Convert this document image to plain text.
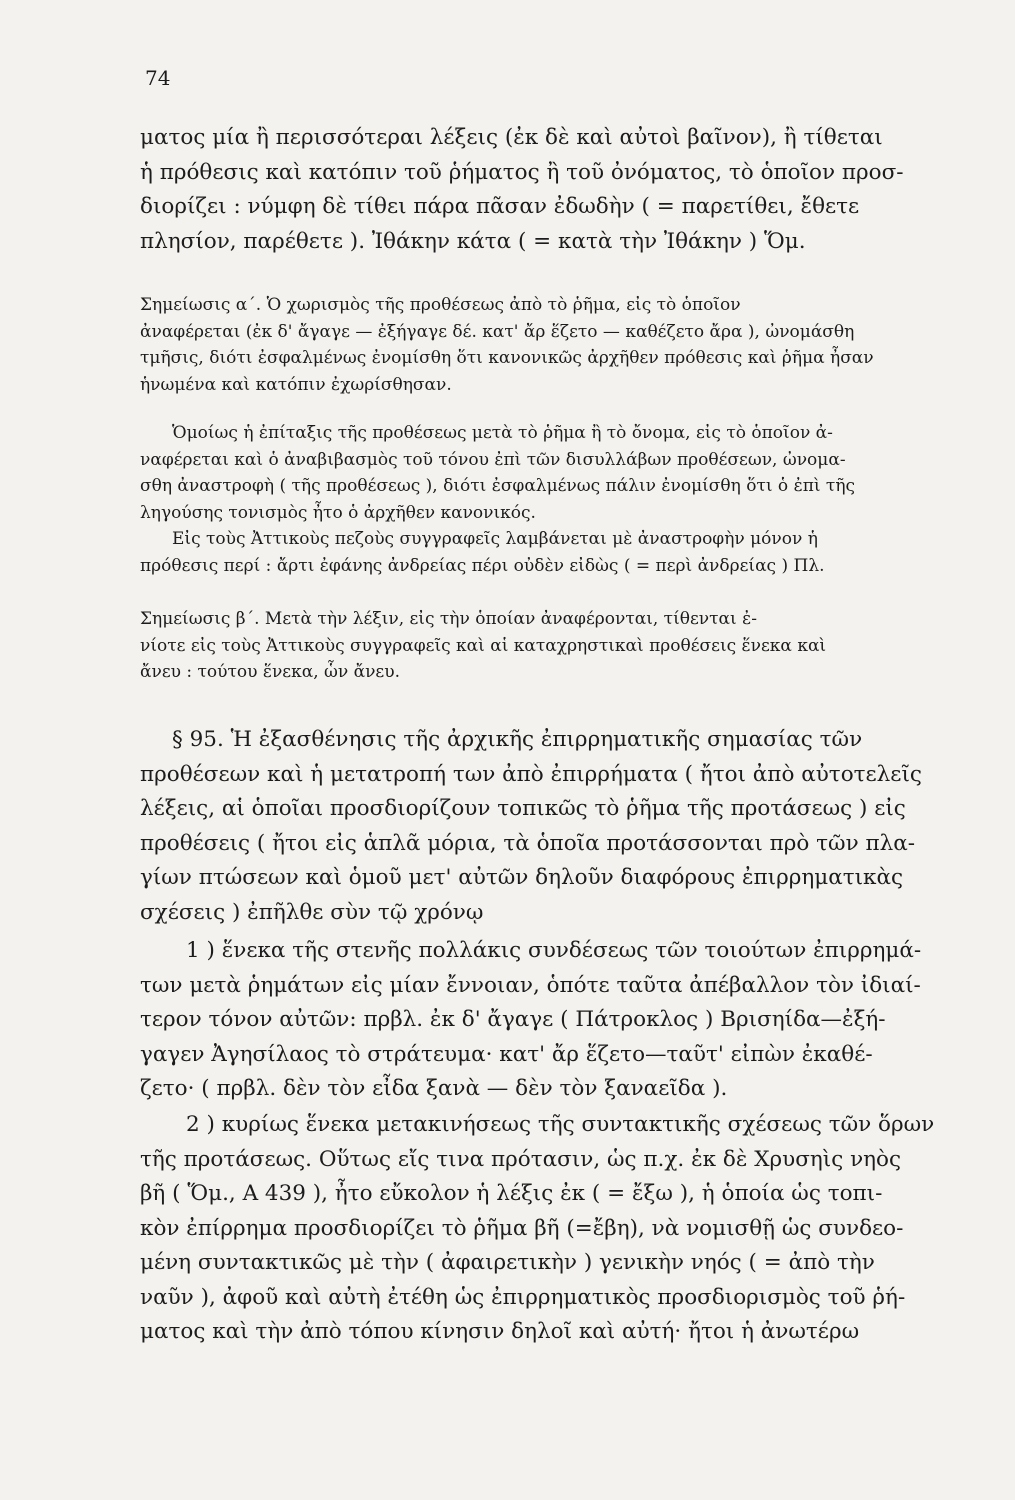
74
ματος μία ἢ περισσότεραι λέξεις (ἐκ δὲ καὶ αὐτοὶ βαῖνον), ἢ τίθεται
ἡ πρόθεσις καὶ κατόπιν τοῦ ῥήματος ἢ τοῦ ὀνόματος, τὸ ὁποῖον προσ-
διορίζει : νύμφη δὲ τίθει πάρα πᾶσαν ἐδωδὴν ( = παρετίθει, ἔθετε
πλησίον, παρέθετε ). Ἰθάκην κάτα ( = κατὰ τὴν Ἰθάκην ) Ὅμ.
Σημείωσις α΄. Ὁ χωρισμὸς τῆς προθέσεως ἀπὸ τὸ ῥῆμα, εἰς τὸ ὁποῖον
ἀναφέρεται (ἐκ δ' ἄγαγε — ἐξήγαγε δέ. κατ' ἄρ ἕζετο — καθέζετο ἄρα ), ὠνομάσθη
τμῆσις, διότι ἐσφαλμένως ἐνομίσθη ὅτι κανονικῶς ἀρχῆθεν πρόθεσις καὶ ῥῆμα ἦσαν
ἡνωμένα καὶ κατόπιν ἐχωρίσθησαν.
Ὁμοίως ἡ ἐπίταξις τῆς προθέσεως μετὰ τὸ ῥῆμα ἢ τὸ ὄνομα, εἰς τὸ ὁποῖον ἀ-
ναφέρεται καὶ ὁ ἀναβιβασμὸς τοῦ τόνου ἐπὶ τῶν δισυλλάβων προθέσεων, ὠνομα-
σθη ἀναστροφὴ ( τῆς προθέσεως ), διότι ἐσφαλμένως πάλιν ἐνομίσθη ὅτι ὁ ἐπὶ τῆς
ληγούσης τονισμὸς ἦτο ὁ ἀρχῆθεν κανονικός.
Εἰς τοὺς Ἀττικοὺς πεζοὺς συγγραφεῖς λαμβάνεται μὲ ἀναστροφὴν μόνον ἡ
πρόθεσις περί : ἄρτι ἐφάνης ἀνδρείας πέρι οὐδὲν εἰδὼς ( = περὶ ἀνδρείας ) Πλ.
Σημείωσις β΄. Μετὰ τὴν λέξιν, εἰς τὴν ὁποίαν ἀναφέρονται, τίθενται ἐ-
νίοτε εἰς τοὺς Ἀττικοὺς συγγραφεῖς καὶ αἱ καταχρηστικαὶ προθέσεις ἕνεκα καὶ
ἄνευ : τούτου ἕνεκα, ὧν ἄνευ.
§ 95. Ἡ ἐξασθένησις τῆς ἀρχικῆς ἐπιρρηματικῆς σημασίας τῶν
προθέσεων καὶ ἡ μετατροπή των ἀπὸ ἐπιρρήματα ( ἤτοι ἀπὸ αὐτοτελεῖς
λέξεις, αἱ ὁποῖαι προσδιορίζουν τοπικῶς τὸ ῥῆμα τῆς προτάσεως ) εἰς
προθέσεις ( ἤτοι εἰς ἁπλᾶ μόρια, τὰ ὁποῖα προτάσσονται πρὸ τῶν πλα-
γίων πτώσεων καὶ ὁμοῦ μετ' αὐτῶν δηλοῦν διαφόρους ἐπιρρηματικὰς
σχέσεις ) ἐπῆλθε σὺν τῷ χρόνῳ
1 ) ἕνεκα τῆς στενῆς πολλάκις συνδέσεως τῶν τοιούτων ἐπιρρημά-
των μετὰ ῥημάτων εἰς μίαν ἔννοιαν, ὁπότε ταῦτα ἀπέβαλλον τὸν ἰδιαί-
τερον τόνον αὐτῶν: πρβλ. ἐκ δ' ἄγαγε ( Πάτροκλος ) Βρισηίδα—ἐξή-
γαγεν Ἀγησίλαος τὸ στράτευμα· κατ' ἄρ ἕζετο—ταῦτ' εἰπὼν ἐκαθέ-
ζετο· ( πρβλ. δὲν τὸν εἶδα ξανὰ — δὲν τὸν ξαναεῖδα ).
2 ) κυρίως ἕνεκα μετακινήσεως τῆς συντακτικῆς σχέσεως τῶν ὅρων
τῆς προτάσεως. Οὕτως εἴς τινα πρότασιν, ὡς π.χ. ἐκ δὲ Χρυσηὶς νηὸς
βῆ ( Ὅμ., Α 439 ), ἦτο εὔκολον ἡ λέξις ἐκ ( = ἔξω ), ἡ ὁποία ὡς τοπι-
κὸν ἐπίρρημα προσδιορίζει τὸ ῥῆμα βῆ (=ἔβη), νὰ νομισθῇ ὡς συνδεο-
μένη συντακτικῶς μὲ τὴν ( ἀφαιρετικὴν ) γενικὴν νηός ( = ἀπὸ τὴν
ναῦν ), ἀφοῦ καὶ αὐτὴ ἐτέθη ὡς ἐπιρρηματικὸς προσδιορισμὸς τοῦ ῥή-
ματος καὶ τὴν ἀπὸ τόπου κίνησιν δηλοῖ καὶ αὐτή· ἤτοι ἡ ἀνωτέρω
